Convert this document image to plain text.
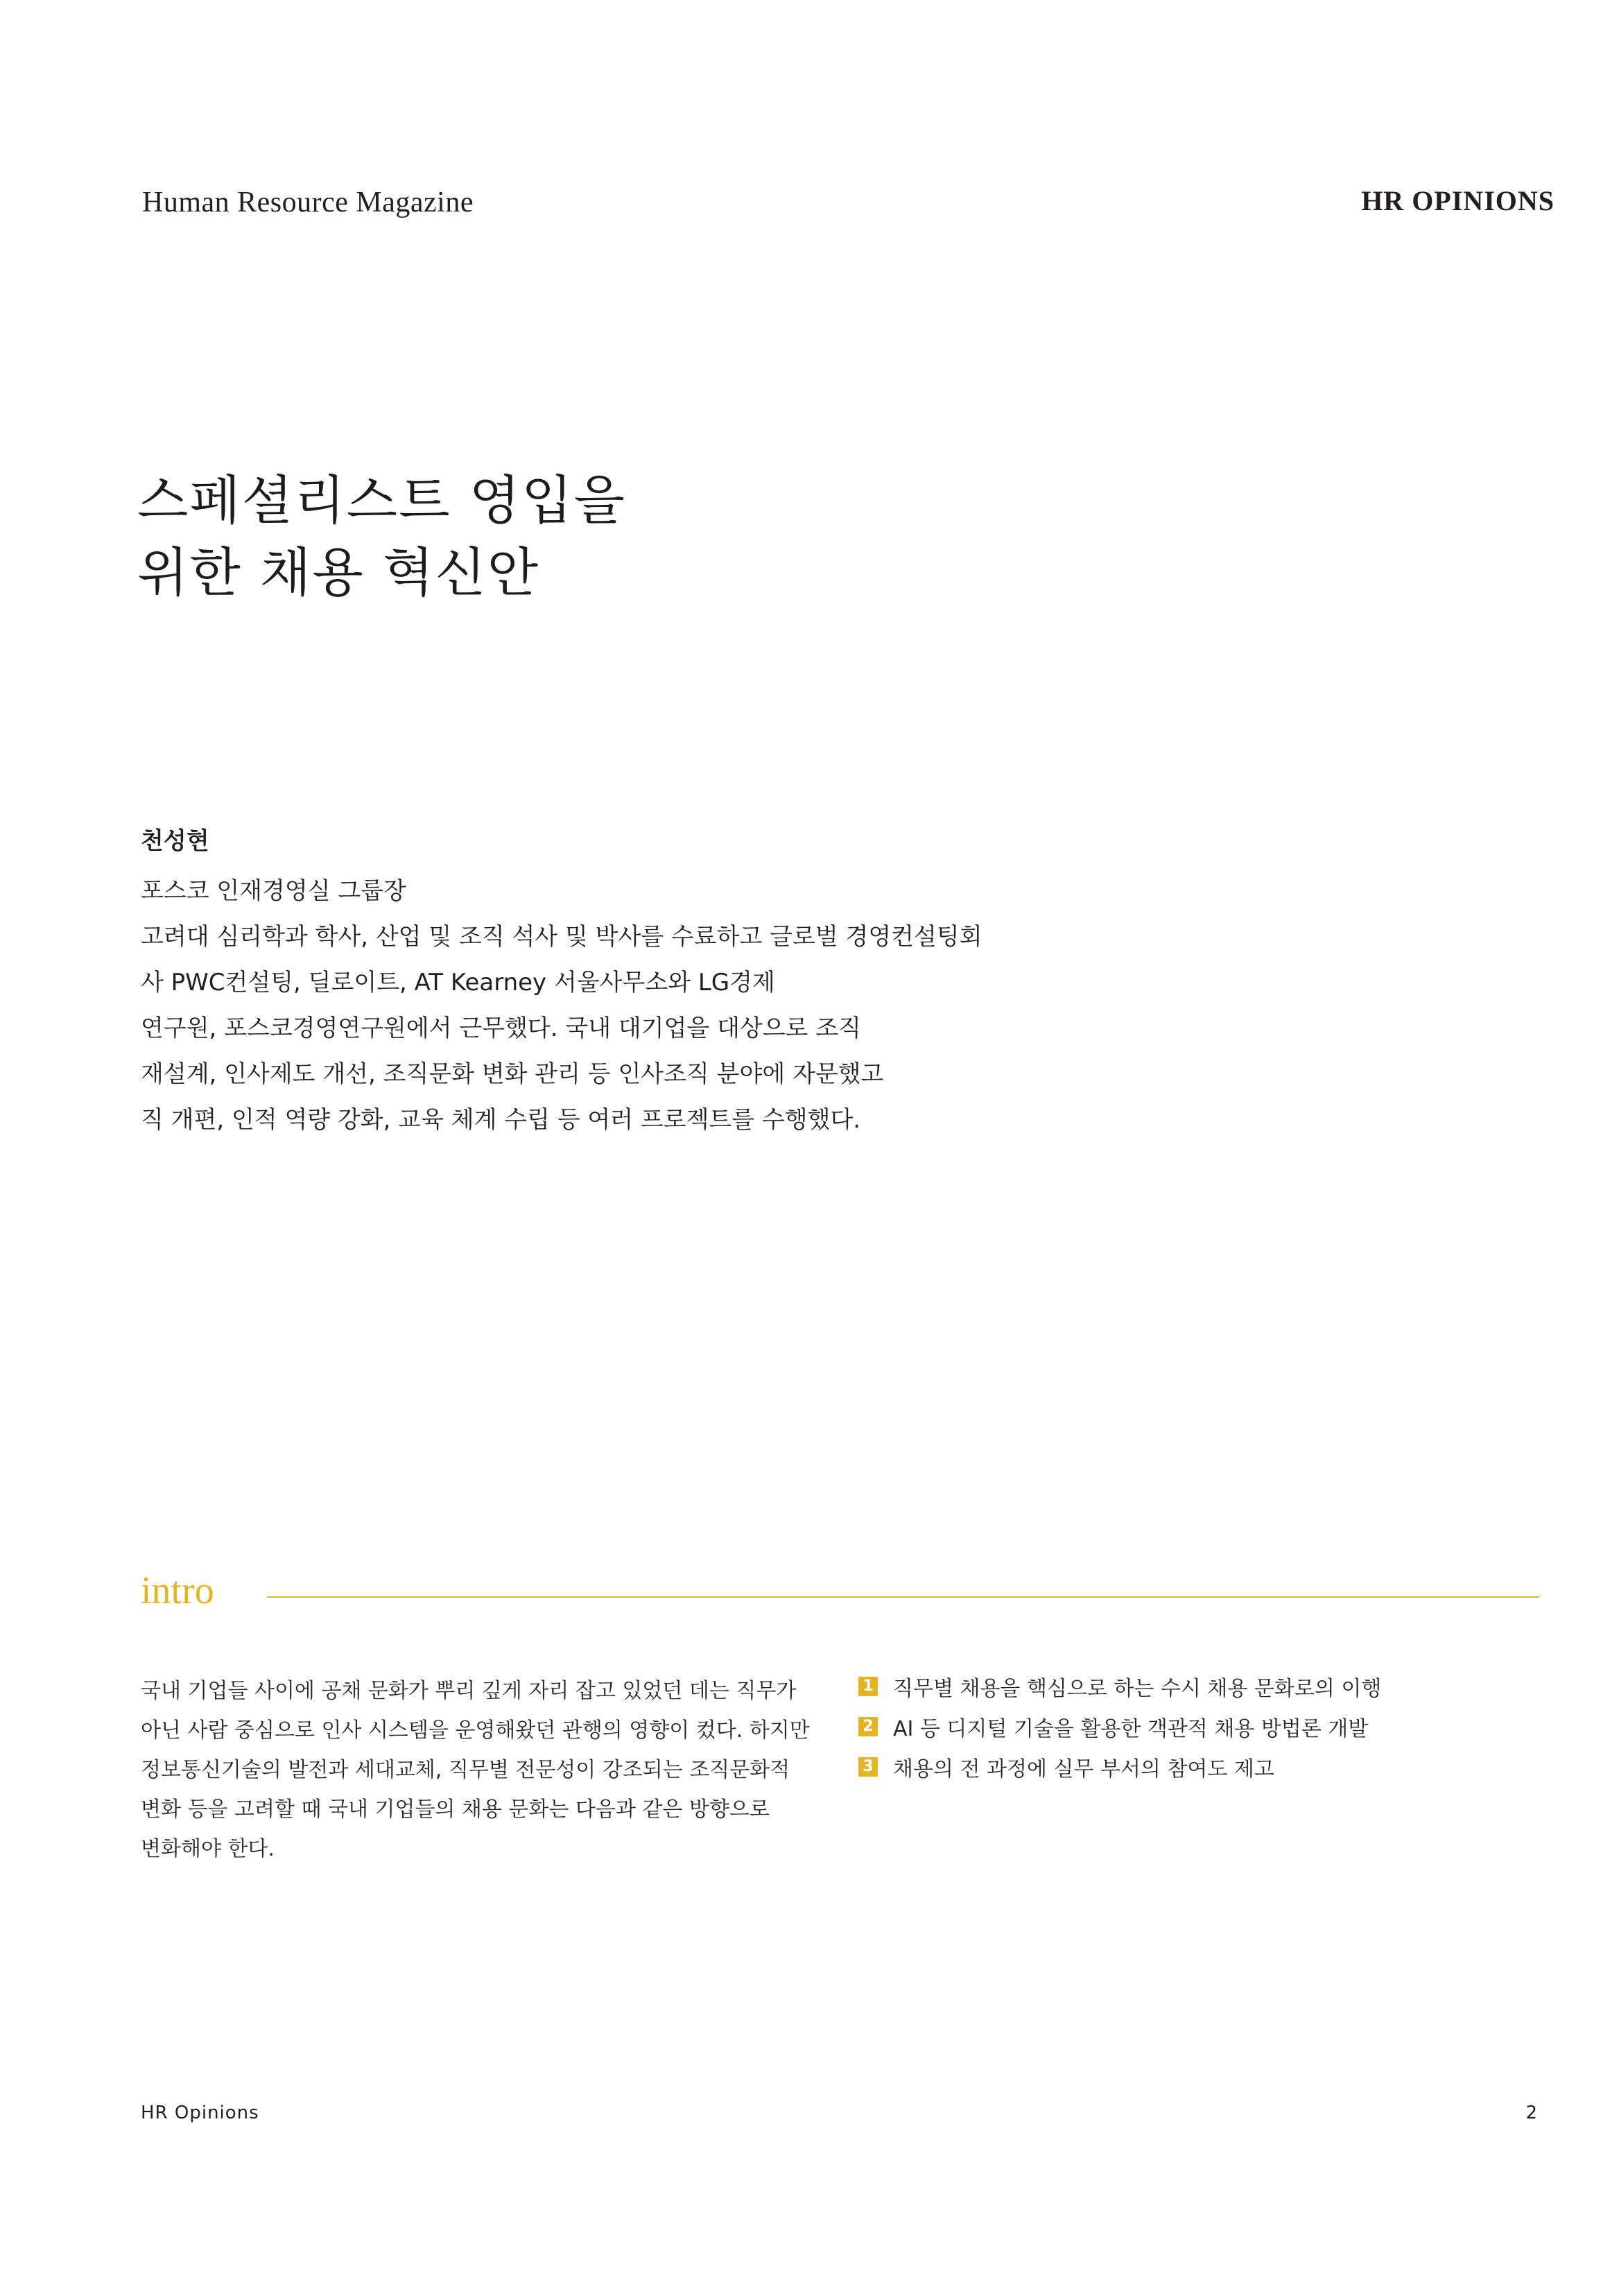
Human Resource Magazine	HR OPINIONS
스페셜리스트 영입을
위한 채용 혁신안
천성현
포스코 인재경영실 그룹장
고려대 심리학과 학사, 산업 및 조직 석사 및 박사를 수료하고 글로벌 경영컨설팅회
사 PWC컨설팅, 딜로이트, AT Kearney 서울사무소와 LG경제
연구원, 포스코경영연구원에서 근무했다. 국내 대기업을 대상으로 조직
재설계, 인사제도 개선, 조직문화 변화 관리 등 인사조직 분야에 자문했고
직 개편, 인적 역량 강화, 교육 체계 수립 등 여러 프로젝트를 수행했다.
intro
국내 기업들 사이에 공채 문화가 뿌리 깊게 자리 잡고 있었던 데는 직무가
아닌 사람 중심으로 인사 시스템을 운영해왔던 관행의 영향이 컸다. 하지만
정보통신기술의 발전과 세대교체, 직무별 전문성이 강조되는 조직문화적
변화 등을 고려할 때 국내 기업들의 채용 문화는 다음과 같은 방향으로
변화해야 한다.
1 직무별 채용을 핵심으로 하는 수시 채용 문화로의 이행
2 AI 등 디지털 기술을 활용한 객관적 채용 방법론 개발
3 채용의 전 과정에 실무 부서의 참여도 제고
HR Opinions	2
